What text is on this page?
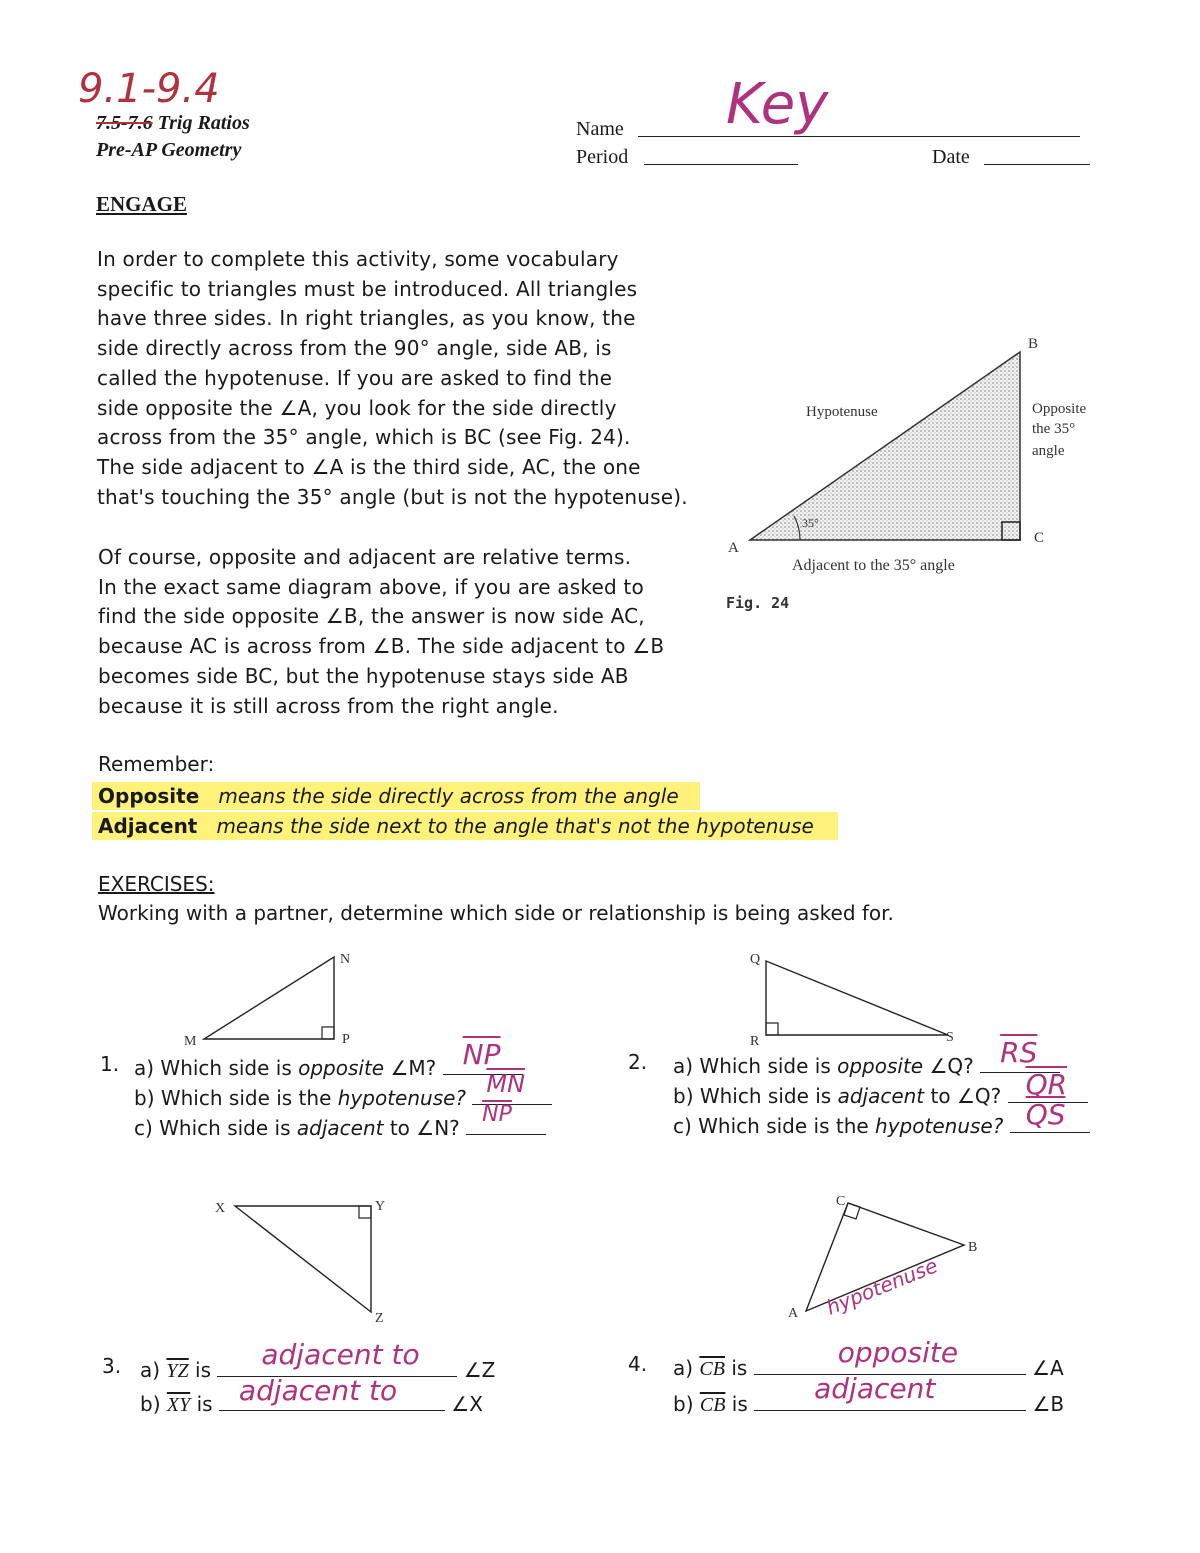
9.1-9.4
7.5-7.6 Trig Ratios
Pre-AP Geometry
Name Key
Period	Date
ENGAGE
In order to complete this activity, some vocabulary
specific to triangles must be introduced. All triangles
have three sides. In right triangles, as you know, the
side directly across from the 90° angle, side AB, is
called the hypotenuse. If you are asked to find the
side opposite the ∠A, you look for the side directly
across from the 35° angle, which is BC (see Fig. 24).
The side adjacent to ∠A is the third side, AC, the one
that's touching the 35° angle (but is not the hypotenuse).
Of course, opposite and adjacent are relative terms.
In the exact same diagram above, if you are asked to
find the side opposite ∠B, the answer is now side AC,
because AC is across from ∠B. The side adjacent to ∠B
becomes side BC, but the hypotenuse stays side AB
because it is still across from the right angle.
A
B
C
35°
Hypotenuse	Opposite
the 35°
angle
Adjacent to the 35° angle
Fig. 24
Remember:
Opposite means the side directly across from the angle
Adjacent means the side next to the angle that's not the hypotenuse
EXERCISES:
Working with a partner, determine which side or relationship is being asked for.
M
N
P
1. a) Which side is opposite ∠M? $\overline{NP}$
b) Which side is the hypotenuse? $\overline{MN}$
c) Which side is adjacent to ∠N?
$\overline{NP}$
Q
R	S
2. a) Which side is opposite ∠Q? $\overline{RS}$
b) Which side is adjacent to ∠Q? $\overline{QR}$
c) Which side is the hypotenuse? $\overline{QS}$
X	Y
Z
3. a) $\overline{YZ}$ is adjacent to ∠Z
b) $\overline{XY}$ is adjacent to	∠X
C
B
A hypotenuse
4. a) $\overline{CB}$ is	opposite	∠A
b) $\overline{CB}$ is adjacent	∠B
